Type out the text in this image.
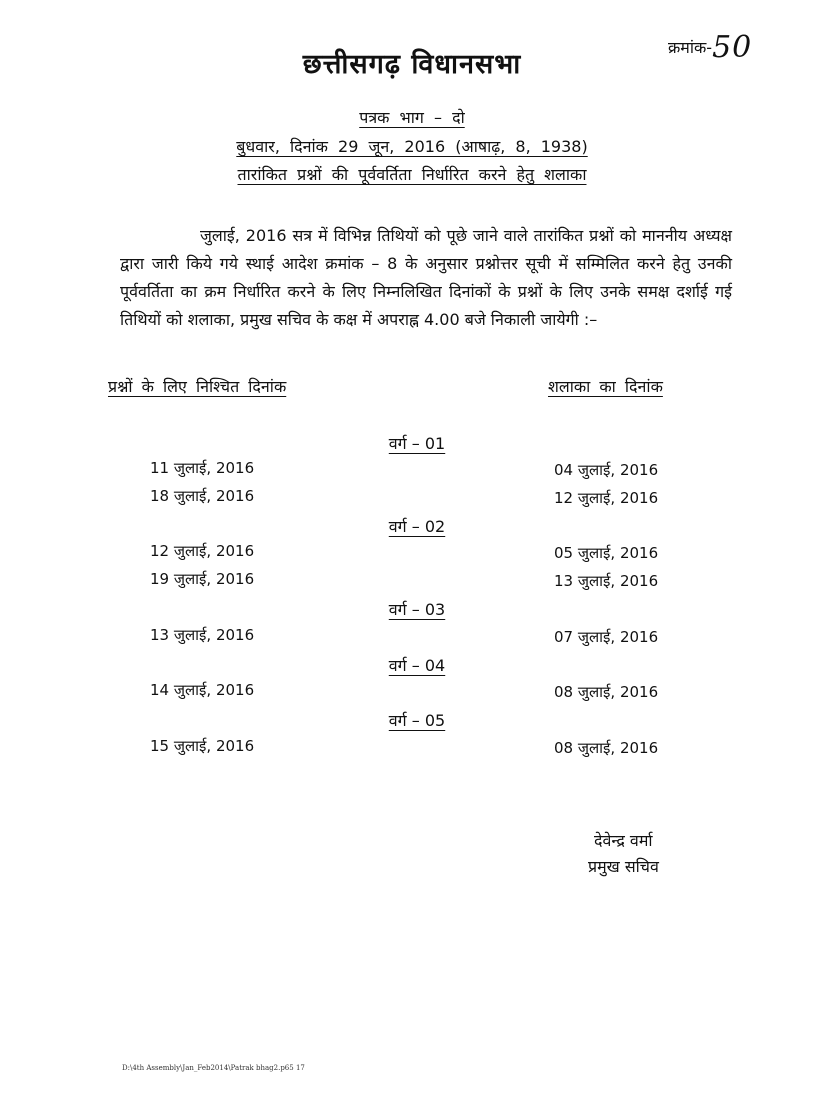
क्रमांक-50
छत्तीसगढ़ विधानसभा
पत्रक भाग – दो
बुधवार, दिनांक 29 जून, 2016 (आषाढ़, 8, 1938)
तारांकित प्रश्नों की पूर्ववर्तिता निर्धारित करने हेतु शलाका
जुलाई, 2016 सत्र में विभिन्न तिथियों को पूछे जाने वाले तारांकित प्रश्नों को माननीय अध्यक्ष द्वारा जारी किये गये स्थाई आदेश क्रमांक – 8 के अनुसार प्रश्नोत्तर सूची में सम्मिलित करने हेतु उनकी पूर्ववर्तिता का क्रम निर्धारित करने के लिए निम्नलिखित दिनांकों के प्रश्नों के लिए उनके समक्ष दर्शाई गई तिथियों को शलाका, प्रमुख सचिव के कक्ष में अपराह्न 4.00 बजे निकाली जायेगी :–
प्रश्नों के लिए निश्चित दिनांक	शलाका का दिनांक
वर्ग – 01
11 जुलाई, 2016	04 जुलाई, 2016
18 जुलाई, 2016	12 जुलाई, 2016
वर्ग – 02
12 जुलाई, 2016	05 जुलाई, 2016
19 जुलाई, 2016	13 जुलाई, 2016
वर्ग – 03
13 जुलाई, 2016	07 जुलाई, 2016
वर्ग – 04
14 जुलाई, 2016	08 जुलाई, 2016
वर्ग – 05
15 जुलाई, 2016	08 जुलाई, 2016
देवेन्द्र वर्मा
प्रमुख सचिव
D:\4th Assembly\Jan_Feb2014\Patrak bhag2.p65 17
